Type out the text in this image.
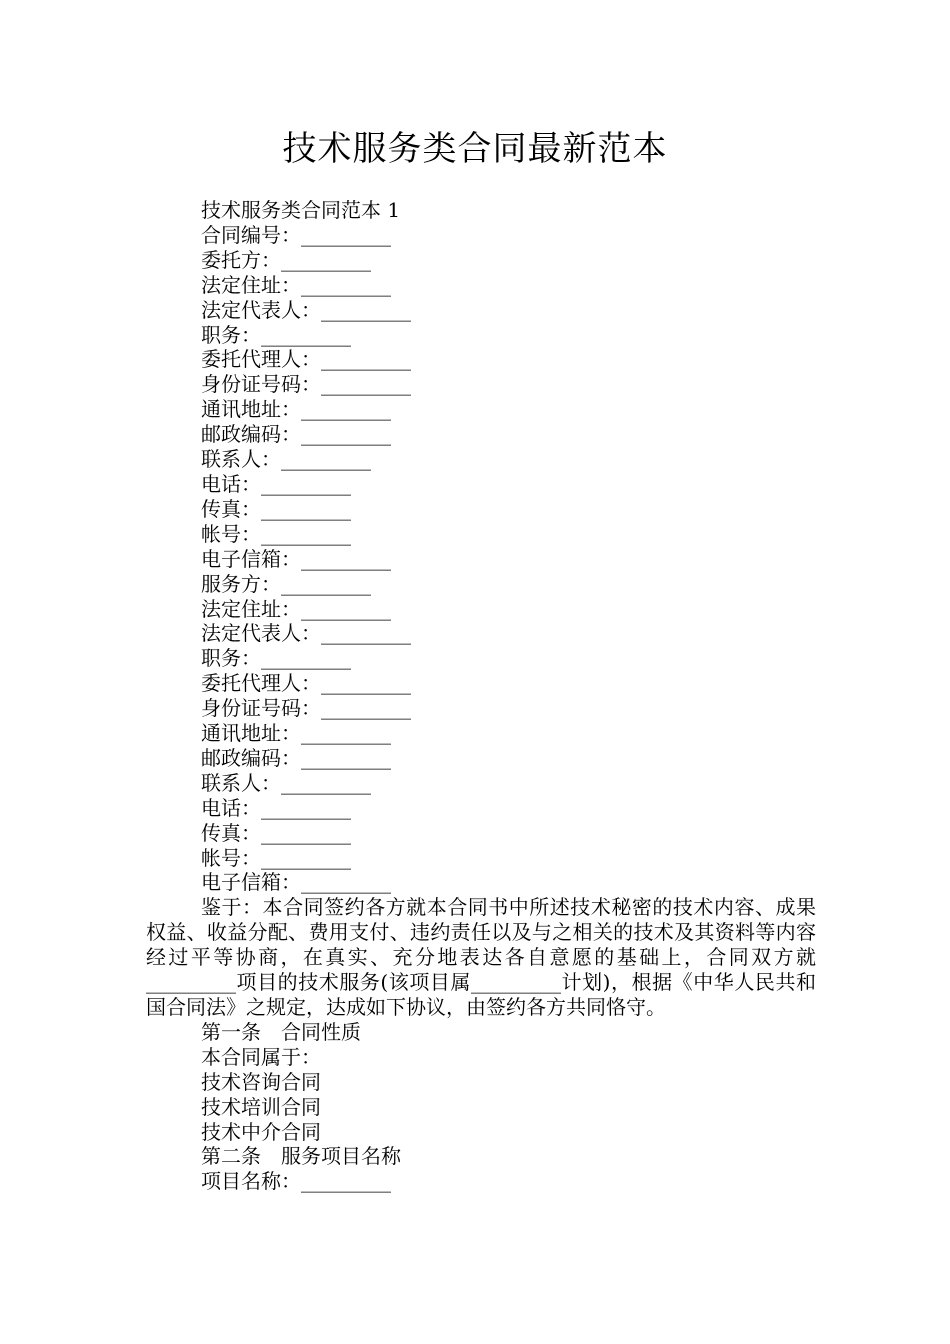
技术服务类合同最新范本

技术服务类合同范本 1

合同编号：_________

委托方：_________

法定住址：_________

法定代表人：_________

职务：_________

委托代理人：_________

身份证号码：_________

通讯地址：_________

邮政编码：_________

联系人：_________

电话：_________

传真：_________

帐号：_________

电子信箱：_________

服务方：_________

法定住址：_________

法定代表人：_________

职务：_________

委托代理人：_________

身份证号码：_________

通讯地址：_________

邮政编码：_________

联系人：_________

电话：_________

传真：_________

帐号：_________

电子信箱：_________

鉴于：本合同签约各方就本合同书中所述技术秘密的技术内容、成果权益、收益分配、费用支付、违约责任以及与之相关的技术及其资料等内容经过平等协商，在真实、充分地表达各自意愿的基础上，合同双方就_________项目的技术服务(该项目属_________计划)，根据《中华人民共和国合同法》之规定，达成如下协议，由签约各方共同恪守。

第一条　合同性质

本合同属于：

技术咨询合同

技术培训合同

技术中介合同

第二条　服务项目名称

项目名称：_________
